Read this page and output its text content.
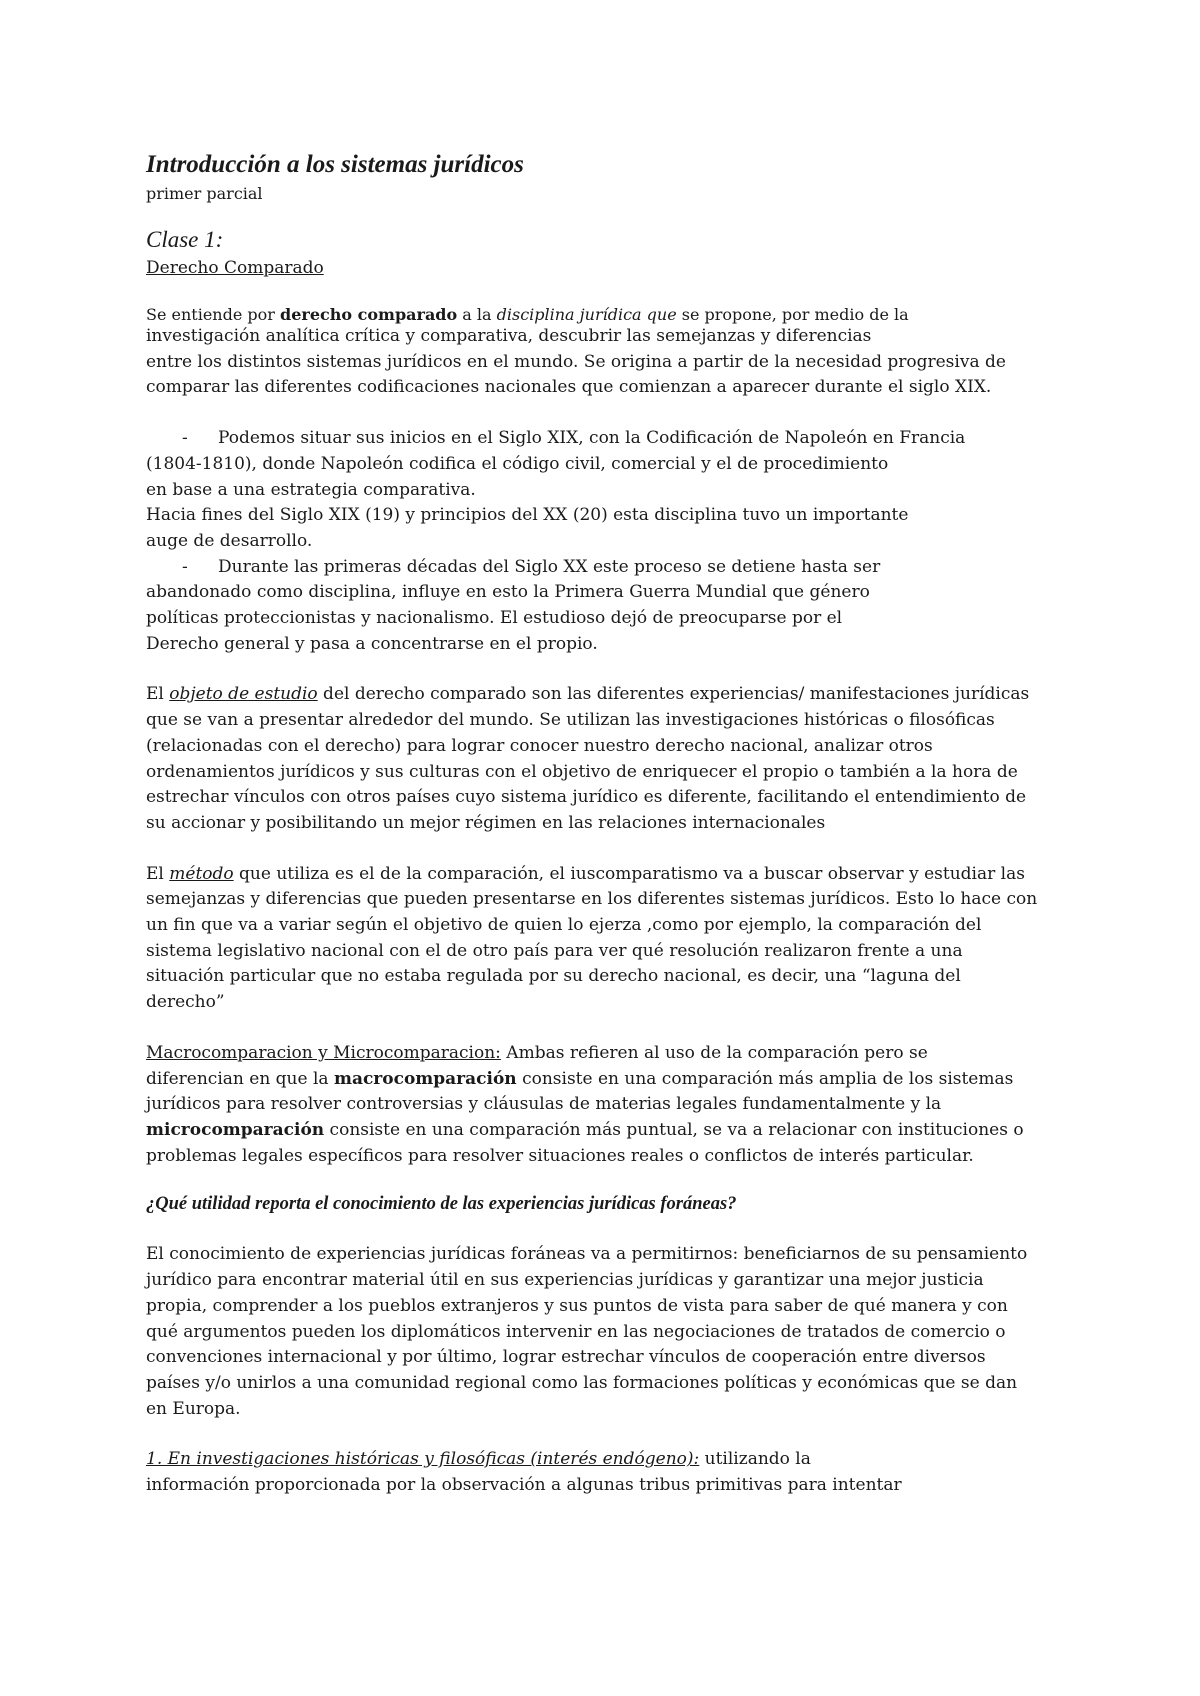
Introducción a los sistemas jurídicos
primer parcial
Clase 1:
Derecho Comparado
Se entiende por derecho comparado a la disciplina jurídica que se propone, por medio de la
investigación analítica crítica y comparativa, descubrir las semejanzas y diferencias
entre los distintos sistemas jurídicos en el mundo. Se origina a partir de la necesidad progresiva de
comparar las diferentes codificaciones nacionales que comienzan a aparecer durante el siglo XIX.
- Podemos situar sus inicios en el Siglo XIX, con la Codificación de Napoleón en Francia
(1804-1810), donde Napoleón codifica el código civil, comercial y el de procedimiento
en base a una estrategia comparativa.
Hacia fines del Siglo XIX (19) y principios del XX (20) esta disciplina tuvo un importante
auge de desarrollo.
- Durante las primeras décadas del Siglo XX este proceso se detiene hasta ser
abandonado como disciplina, influye en esto la Primera Guerra Mundial que género
políticas proteccionistas y nacionalismo. El estudioso dejó de preocuparse por el
Derecho general y pasa a concentrarse en el propio.
El objeto de estudio del derecho comparado son las diferentes experiencias/ manifestaciones jurídicas
que se van a presentar alrededor del mundo. Se utilizan las investigaciones históricas o filosóficas
(relacionadas con el derecho) para lograr conocer nuestro derecho nacional, analizar otros
ordenamientos jurídicos y sus culturas con el objetivo de enriquecer el propio o también a la hora de
estrechar vínculos con otros países cuyo sistema jurídico es diferente, facilitando el entendimiento de
su accionar y posibilitando un mejor régimen en las relaciones internacionales
El método que utiliza es el de la comparación, el iuscomparatismo va a buscar observar y estudiar las
semejanzas y diferencias que pueden presentarse en los diferentes sistemas jurídicos. Esto lo hace con
un fin que va a variar según el objetivo de quien lo ejerza ,como por ejemplo, la comparación del
sistema legislativo nacional con el de otro país para ver qué resolución realizaron frente a una
situación particular que no estaba regulada por su derecho nacional, es decir, una “laguna del
derecho”
Macrocomparacion y Microcomparacion: Ambas refieren al uso de la comparación pero se
diferencian en que la macrocomparación consiste en una comparación más amplia de los sistemas
jurídicos para resolver controversias y cláusulas de materias legales fundamentalmente y la
microcomparación consiste en una comparación más puntual, se va a relacionar con instituciones o
problemas legales específicos para resolver situaciones reales o conflictos de interés particular.
¿Qué utilidad reporta el conocimiento de las experiencias jurídicas foráneas?
El conocimiento de experiencias jurídicas foráneas va a permitirnos: beneficiarnos de su pensamiento
jurídico para encontrar material útil en sus experiencias jurídicas y garantizar una mejor justicia
propia, comprender a los pueblos extranjeros y sus puntos de vista para saber de qué manera y con
qué argumentos pueden los diplomáticos intervenir en las negociaciones de tratados de comercio o
convenciones internacional y por último, lograr estrechar vínculos de cooperación entre diversos
países y/o unirlos a una comunidad regional como las formaciones políticas y económicas que se dan
en Europa.
1. En investigaciones históricas y filosóficas (interés endógeno): utilizando la
información proporcionada por la observación a algunas tribus primitivas para intentar
